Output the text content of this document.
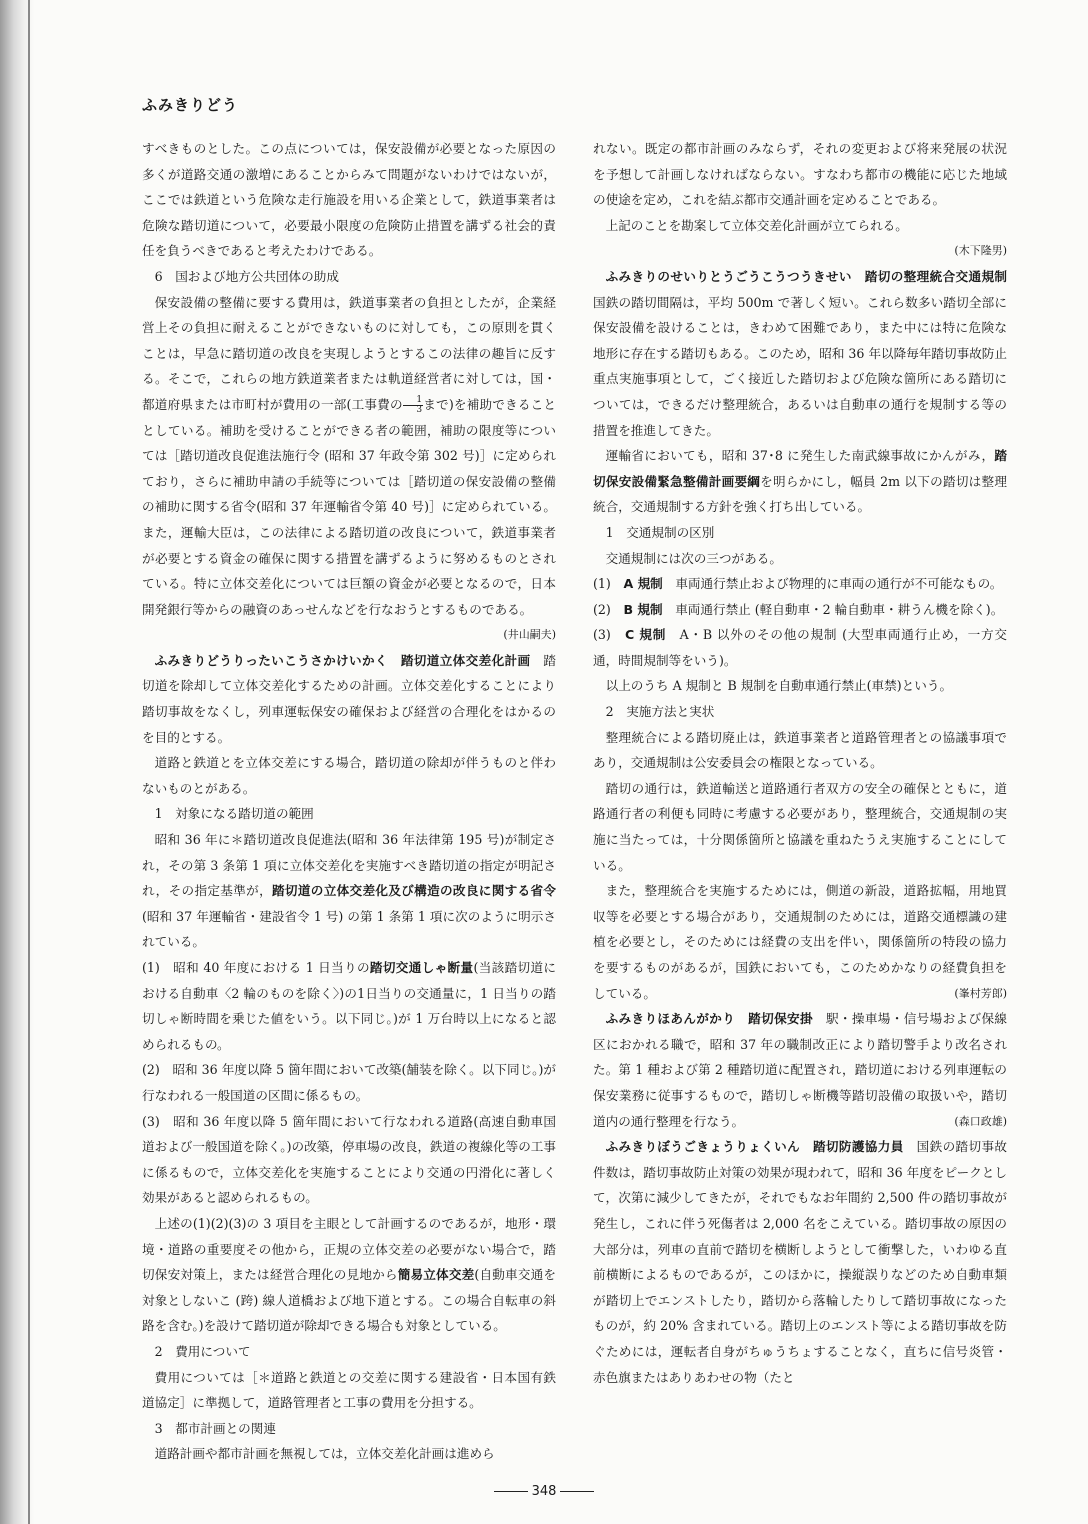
ふみきりどう

すべきものとした。この点については，保安設備が必要となった原因の多くが道路交通の激増にあることからみて問題がないわけではないが，ここでは鉄道という危険な走行施設を用いる企業として，鉄道事業者は危険な踏切道について，必要最小限度の危険防止措置を講ずる社会的責任を負うべきであると考えたわけである。

6　国および地方公共団体の助成

保安設備の整備に要する費用は，鉄道事業者の負担としたが，企業経営上その負担に耐えることができないものに対しても，この原則を貫くことは，早急に踏切道の改良を実現しようとするこの法律の趣旨に反する。そこで，これらの地方鉄道業者または軌道経営者に対しては，国・都道府県または市町村が費用の一部(工事費の $\frac{1}{3}$ まで)を補助できることとしている。補助を受けることができる者の範囲，補助の限度等については［踏切道改良促進法施行令 (昭和 37 年政令第 302 号)］に定められており，さらに補助申請の手続等については［踏切道の保安設備の整備の補助に関する省令(昭和 37 年運輸省令第 40 号)］に定められている。また，運輸大臣は，この法律による踏切道の改良について，鉄道事業者が必要とする資金の確保に関する措置を講ずるように努めるものとされている。特に立体交差化については巨額の資金が必要となるので，日本開発銀行等からの融資のあっせんなどを行なおうとするものである。
(井山嗣夫)

ふみきりどうりったいこうさかけいかく　踏切道立体交差化計画　 踏切道を除却して立体交差化するための計画。立体交差化することにより踏切事故をなくし，列車運転保安の確保および経営の合理化をはかるのを目的とする。

道路と鉄道とを立体交差にする場合，踏切道の除却が伴うものと伴わないものとがある。

1　対象になる踏切道の範囲

昭和 36 年に＊踏切道改良促進法(昭和 36 年法律第 195 号)が制定され，その第 3 条第 1 項に立体交差化を実施すべき踏切道の指定が明記され，その指定基準が，踏切道の立体交差化及び構造の改良に関する省令(昭和 37 年運輸省・建設省令 1 号) の第 1 条第 1 項に次のように明示されている。

(1)　昭和 40 年度における 1 日当りの踏切交通しゃ断量(当該踏切道における自動車〈2 輪のものを除く〉)の1日当りの交通量に，1 日当りの踏切しゃ断時間を乗じた値をいう。以下同じ。)が 1 万台時以上になると認められるもの。

(2)　昭和 36 年度以降 5 箇年間において改築(舗装を除く。以下同じ。)が行なわれる一般国道の区間に係るもの。

(3)　昭和 36 年度以降 5 箇年間において行なわれる道路(高速自動車国道および一般国道を除く。)の改築，停車場の改良，鉄道の複線化等の工事に係るもので，立体交差化を実施することにより交通の円滑化に著しく効果があると認められるもの。

上述の(1)(2)(3)の 3 項目を主眼として計画するのであるが，地形・環境・道路の重要度その他から，正規の立体交差の必要がない場合で，踏切保安対策上，または経営合理化の見地から簡易立体交差(自動車交通を対象としないこ (跨) 線人道橋および地下道とする。この場合自転車の斜路を含む。)を設けて踏切道が除却できる場合も対象としている。

2　費用について

費用については［＊道路と鉄道との交差に関する建設省・日本国有鉄道協定］に準拠して，道路管理者と工事の費用を分担する。

3　都市計画との関連

道路計画や都市計画を無視しては，立体交差化計画は進めら

れない。既定の都市計画のみならず，それの変更および将来発展の状況を予想して計画しなければならない。すなわち都市の機能に応じた地域の使途を定め，これを結ぶ都市交通計画を定めることである。

上記のことを勘案して立体交差化計画が立てられる。

(木下隆男)

ふみきりのせいりとうごうこうつうきせい　踏切の整理統合交通規制　国鉄の踏切間隔は，平均 500m で著しく短い。これら数多い踏切全部に保安設備を設けることは，きわめて困難であり，また中には特に危険な地形に存在する踏切もある。このため，昭和 36 年以降毎年踏切事故防止重点実施事項として，ごく接近した踏切および危険な箇所にある踏切については，できるだけ整理統合，あるいは自動車の通行を規制する等の措置を推進してきた。

運輸省においても，昭和 37･8 に発生した南武線事故にかんがみ，踏切保安設備緊急整備計画要綱を明らかにし，幅員 2m 以下の踏切は整理統合，交通規制する方針を強く打ち出している。

1　交通規制の区別

交通規制には次の三つがある。

(1)　A 規制　 車両通行禁止および物理的に車両の通行が不可能なもの。

(2)　B 規制　 車両通行禁止 (軽自動車・2 輪自動車・耕うん機を除く)。

(3)　C 規制　 A・B 以外のその他の規制 (大型車両通行止め，一方交通，時間規制等をいう)。

以上のうち A 規制と B 規制を自動車通行禁止(車禁)という。

2　実施方法と実状

整理統合による踏切廃止は，鉄道事業者と道路管理者との協議事項であり，交通規制は公安委員会の権限となっている。

踏切の通行は，鉄道輸送と道路通行者双方の安全の確保とともに，道路通行者の利便も同時に考慮する必要があり，整理統合，交通規制の実施に当たっては，十分関係箇所と協議を重ねたうえ実施することにしている。

また，整理統合を実施するためには，側道の新設，道路拡幅，用地買収等を必要とする場合があり，交通規制のためには，道路交通標識の建植を必要とし，そのためには経費の支出を伴い，関係箇所の特段の協力を要するものがあるが，国鉄においても，このためかなりの経費負担をしている。	(峯村芳郎)

ふみきりほあんがかり　踏切保安掛　 駅・操車場・信号場および保線区におかれる職で，昭和 37 年の職制改正により踏切警手より改名された。第 1 種および第 2 種踏切道に配置され，踏切道における列車運転の保安業務に従事するもので，踏切しゃ断機等踏切設備の取扱いや，踏切道内の通行整理を行なう。	(森口政雄)

ふみきりぼうごきょうりょくいん　踏切防護協力員　 国鉄の踏切事故件数は，踏切事故防止対策の効果が現われて，昭和 36 年度をピークとして，次第に減少してきたが，それでもなお年間約 2,500 件の踏切事故が発生し，これに伴う死傷者は 2,000 名をこえている。踏切事故の原因の大部分は，列車の直前で踏切を横断しようとして衝撃した，いわゆる直前横断によるものであるが，このほかに，操縦誤りなどのため自動車類が踏切上でエンストしたり，踏切から落輪したりして踏切事故になったものが，約 20% 含まれている。踏切上のエンスト等による踏切事故を防ぐためには，運転者自身がちゅうちょすることなく，直ちに信号炎管・赤色旗またはありあわせの物（たと

348
